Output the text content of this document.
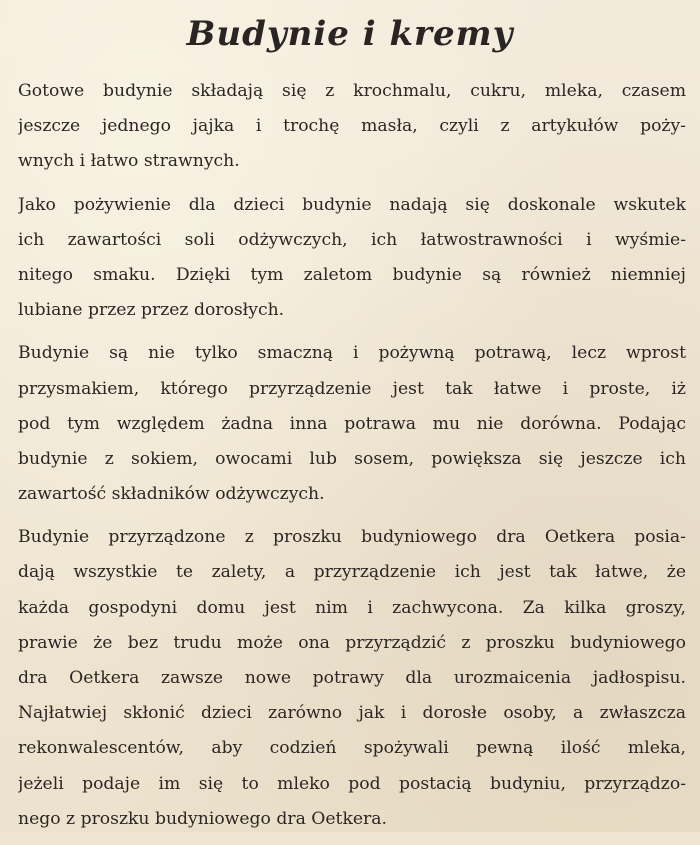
Budynie i kremy
Gotowe budynie składają się z krochmalu, cukru, mleka, czasem
jeszcze jednego jajka i trochę masła, czyli z artykułów poży-
wnych i łatwo strawnych.
Jako pożywienie dla dzieci budynie nadają się doskonale wskutek
ich zawartości soli odżywczych, ich łatwostrawności i wyśmie-
nitego smaku. Dzięki tym zaletom budynie są również niemniej
lubiane przez przez dorosłych.
Budynie są nie tylko smaczną i pożywną potrawą, lecz wprost
przysmakiem, którego przyrządzenie jest tak łatwe i proste, iż
pod tym względem żadna inna potrawa mu nie dorówna. Podając
budynie z sokiem, owocami lub sosem, powiększa się jeszcze ich
zawartość składników odżywczych.
Budynie przyrządzone z proszku budyniowego dra Oetkera posia-
dają wszystkie te zalety, a przyrządzenie ich jest tak łatwe, że
każda gospodyni domu jest nim i zachwycona. Za kilka groszy,
prawie że bez trudu może ona przyrządzić z proszku budyniowego
dra Oetkera zawsze nowe potrawy dla urozmaicenia jadłospisu.
Najłatwiej skłonić dzieci zarówno jak i dorosłe osoby, a zwłaszcza
rekonwalescentów, aby codzień spożywali pewną ilość mleka,
jeżeli podaje im się to mleko pod postacią budyniu, przyrządzo-
nego z proszku budyniowego dra Oetkera.
